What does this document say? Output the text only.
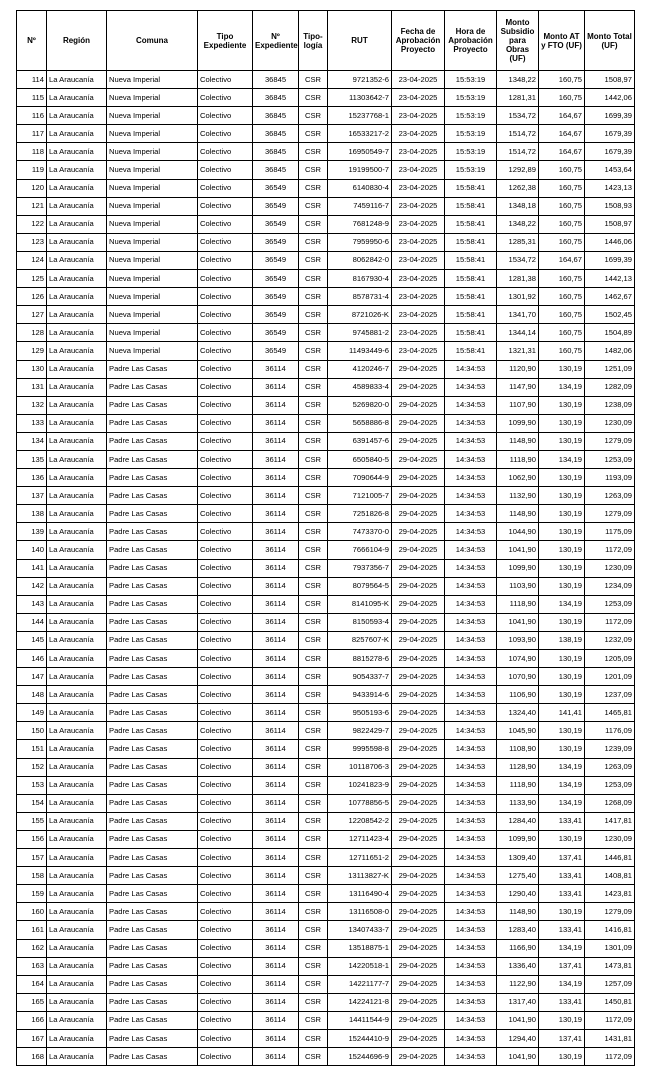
Nº	Región	Comuna	Tipo Expediente	Nº Expediente	Tipo-logía	RUT	Fecha de Aprobación Proyecto	Hora de Aprobación Proyecto	Monto Subsidio para Obras (UF)	Monto AT y FTO (UF)	Monto Total (UF)
114	La Araucanía	Nueva Imperial	Colectivo	36845	CSR	9721352-6	23-04-2025	15:53:19	1348,22	160,75	1508,97
115	La Araucanía	Nueva Imperial	Colectivo	36845	CSR	11303642-7	23-04-2025	15:53:19	1281,31	160,75	1442,06
116	La Araucanía	Nueva Imperial	Colectivo	36845	CSR	15237768-1	23-04-2025	15:53:19	1534,72	164,67	1699,39
117	La Araucanía	Nueva Imperial	Colectivo	36845	CSR	16533217-2	23-04-2025	15:53:19	1514,72	164,67	1679,39
118	La Araucanía	Nueva Imperial	Colectivo	36845	CSR	16950549-7	23-04-2025	15:53:19	1514,72	164,67	1679,39
119	La Araucanía	Nueva Imperial	Colectivo	36845	CSR	19199500-7	23-04-2025	15:53:19	1292,89	160,75	1453,64
120	La Araucanía	Nueva Imperial	Colectivo	36549	CSR	6140830-4	23-04-2025	15:58:41	1262,38	160,75	1423,13
121	La Araucanía	Nueva Imperial	Colectivo	36549	CSR	7459116-7	23-04-2025	15:58:41	1348,18	160,75	1508,93
122	La Araucanía	Nueva Imperial	Colectivo	36549	CSR	7681248-9	23-04-2025	15:58:41	1348,22	160,75	1508,97
123	La Araucanía	Nueva Imperial	Colectivo	36549	CSR	7959950-6	23-04-2025	15:58:41	1285,31	160,75	1446,06
124	La Araucanía	Nueva Imperial	Colectivo	36549	CSR	8062842-0	23-04-2025	15:58:41	1534,72	164,67	1699,39
125	La Araucanía	Nueva Imperial	Colectivo	36549	CSR	8167930-4	23-04-2025	15:58:41	1281,38	160,75	1442,13
126	La Araucanía	Nueva Imperial	Colectivo	36549	CSR	8578731-4	23-04-2025	15:58:41	1301,92	160,75	1462,67
127	La Araucanía	Nueva Imperial	Colectivo	36549	CSR	8721026-K	23-04-2025	15:58:41	1341,70	160,75	1502,45
128	La Araucanía	Nueva Imperial	Colectivo	36549	CSR	9745881-2	23-04-2025	15:58:41	1344,14	160,75	1504,89
129	La Araucanía	Nueva Imperial	Colectivo	36549	CSR	11493449-6	23-04-2025	15:58:41	1321,31	160,75	1482,06
130	La Araucanía	Padre Las Casas	Colectivo	36114	CSR	4120246-7	29-04-2025	14:34:53	1120,90	130,19	1251,09
131	La Araucanía	Padre Las Casas	Colectivo	36114	CSR	4589833-4	29-04-2025	14:34:53	1147,90	134,19	1282,09
132	La Araucanía	Padre Las Casas	Colectivo	36114	CSR	5269820-0	29-04-2025	14:34:53	1107,90	130,19	1238,09
133	La Araucanía	Padre Las Casas	Colectivo	36114	CSR	5658886-8	29-04-2025	14:34:53	1099,90	130,19	1230,09
134	La Araucanía	Padre Las Casas	Colectivo	36114	CSR	6391457-6	29-04-2025	14:34:53	1148,90	130,19	1279,09
135	La Araucanía	Padre Las Casas	Colectivo	36114	CSR	6505840-5	29-04-2025	14:34:53	1118,90	134,19	1253,09
136	La Araucanía	Padre Las Casas	Colectivo	36114	CSR	7090644-9	29-04-2025	14:34:53	1062,90	130,19	1193,09
137	La Araucanía	Padre Las Casas	Colectivo	36114	CSR	7121005-7	29-04-2025	14:34:53	1132,90	130,19	1263,09
138	La Araucanía	Padre Las Casas	Colectivo	36114	CSR	7251826-8	29-04-2025	14:34:53	1148,90	130,19	1279,09
139	La Araucanía	Padre Las Casas	Colectivo	36114	CSR	7473370-0	29-04-2025	14:34:53	1044,90	130,19	1175,09
140	La Araucanía	Padre Las Casas	Colectivo	36114	CSR	7666104-9	29-04-2025	14:34:53	1041,90	130,19	1172,09
141	La Araucanía	Padre Las Casas	Colectivo	36114	CSR	7937356-7	29-04-2025	14:34:53	1099,90	130,19	1230,09
142	La Araucanía	Padre Las Casas	Colectivo	36114	CSR	8079564-5	29-04-2025	14:34:53	1103,90	130,19	1234,09
143	La Araucanía	Padre Las Casas	Colectivo	36114	CSR	8141095-K	29-04-2025	14:34:53	1118,90	134,19	1253,09
144	La Araucanía	Padre Las Casas	Colectivo	36114	CSR	8150593-4	29-04-2025	14:34:53	1041,90	130,19	1172,09
145	La Araucanía	Padre Las Casas	Colectivo	36114	CSR	8257607-K	29-04-2025	14:34:53	1093,90	138,19	1232,09
146	La Araucanía	Padre Las Casas	Colectivo	36114	CSR	8815278-6	29-04-2025	14:34:53	1074,90	130,19	1205,09
147	La Araucanía	Padre Las Casas	Colectivo	36114	CSR	9054337-7	29-04-2025	14:34:53	1070,90	130,19	1201,09
148	La Araucanía	Padre Las Casas	Colectivo	36114	CSR	9433914-6	29-04-2025	14:34:53	1106,90	130,19	1237,09
149	La Araucanía	Padre Las Casas	Colectivo	36114	CSR	9505193-6	29-04-2025	14:34:53	1324,40	141,41	1465,81
150	La Araucanía	Padre Las Casas	Colectivo	36114	CSR	9822429-7	29-04-2025	14:34:53	1045,90	130,19	1176,09
151	La Araucanía	Padre Las Casas	Colectivo	36114	CSR	9995598-8	29-04-2025	14:34:53	1108,90	130,19	1239,09
152	La Araucanía	Padre Las Casas	Colectivo	36114	CSR	10118706-3	29-04-2025	14:34:53	1128,90	134,19	1263,09
153	La Araucanía	Padre Las Casas	Colectivo	36114	CSR	10241823-9	29-04-2025	14:34:53	1118,90	134,19	1253,09
154	La Araucanía	Padre Las Casas	Colectivo	36114	CSR	10778856-5	29-04-2025	14:34:53	1133,90	134,19	1268,09
155	La Araucanía	Padre Las Casas	Colectivo	36114	CSR	12208542-2	29-04-2025	14:34:53	1284,40	133,41	1417,81
156	La Araucanía	Padre Las Casas	Colectivo	36114	CSR	12711423-4	29-04-2025	14:34:53	1099,90	130,19	1230,09
157	La Araucanía	Padre Las Casas	Colectivo	36114	CSR	12711651-2	29-04-2025	14:34:53	1309,40	137,41	1446,81
158	La Araucanía	Padre Las Casas	Colectivo	36114	CSR	13113827-K	29-04-2025	14:34:53	1275,40	133,41	1408,81
159	La Araucanía	Padre Las Casas	Colectivo	36114	CSR	13116490-4	29-04-2025	14:34:53	1290,40	133,41	1423,81
160	La Araucanía	Padre Las Casas	Colectivo	36114	CSR	13116508-0	29-04-2025	14:34:53	1148,90	130,19	1279,09
161	La Araucanía	Padre Las Casas	Colectivo	36114	CSR	13407433-7	29-04-2025	14:34:53	1283,40	133,41	1416,81
162	La Araucanía	Padre Las Casas	Colectivo	36114	CSR	13518875-1	29-04-2025	14:34:53	1166,90	134,19	1301,09
163	La Araucanía	Padre Las Casas	Colectivo	36114	CSR	14220518-1	29-04-2025	14:34:53	1336,40	137,41	1473,81
164	La Araucanía	Padre Las Casas	Colectivo	36114	CSR	14221177-7	29-04-2025	14:34:53	1122,90	134,19	1257,09
165	La Araucanía	Padre Las Casas	Colectivo	36114	CSR	14224121-8	29-04-2025	14:34:53	1317,40	133,41	1450,81
166	La Araucanía	Padre Las Casas	Colectivo	36114	CSR	14411544-9	29-04-2025	14:34:53	1041,90	130,19	1172,09
167	La Araucanía	Padre Las Casas	Colectivo	36114	CSR	15244410-9	29-04-2025	14:34:53	1294,40	137,41	1431,81
168	La Araucanía	Padre Las Casas	Colectivo	36114	CSR	15244696-9	29-04-2025	14:34:53	1041,90	130,19	1172,09
